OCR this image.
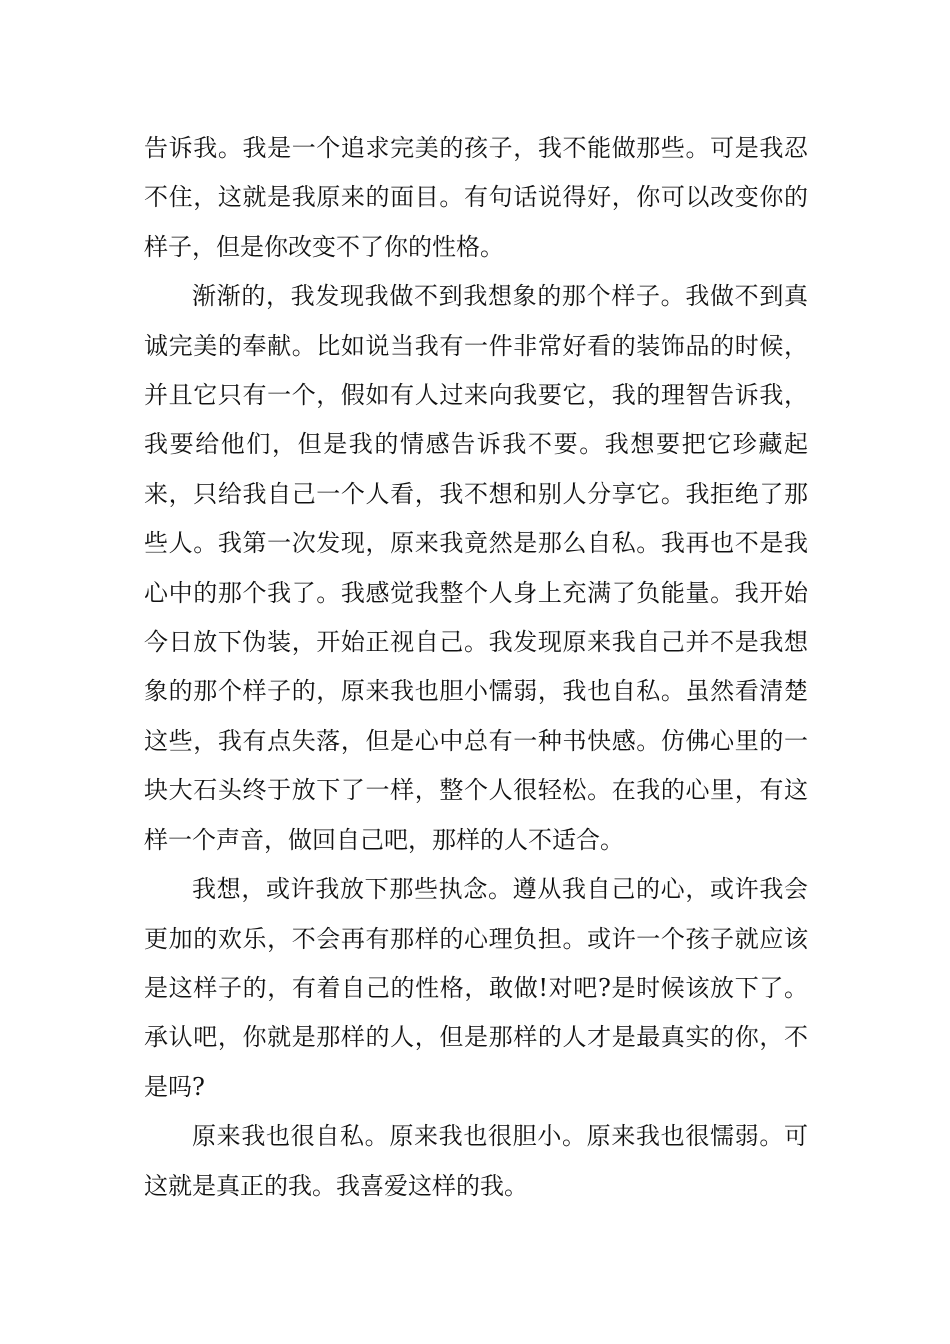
告诉我。我是一个追求完美的孩子，我不能做那些。可是我忍不住，这就是我原来的面目。有句话说得好，你可以改变你的样子，但是你改变不了你的性格。

渐渐的，我发现我做不到我想象的那个样子。我做不到真诚完美的奉献。比如说当我有一件非常好看的装饰品的时候，并且它只有一个，假如有人过来向我要它，我的理智告诉我，我要给他们，但是我的情感告诉我不要。我想要把它珍藏起来，只给我自己一个人看，我不想和别人分享它。我拒绝了那些人。我第一次发现，原来我竟然是那么自私。我再也不是我心中的那个我了。我感觉我整个人身上充满了负能量。我开始今日放下伪装，开始正视自己。我发现原来我自己并不是我想象的那个样子的，原来我也胆小懦弱，我也自私。虽然看清楚这些，我有点失落，但是心中总有一种书快感。仿佛心里的一块大石头终于放下了一样，整个人很轻松。在我的心里，有这样一个声音，做回自己吧，那样的人不适合。

我想，或许我放下那些执念。遵从我自己的心，或许我会更加的欢乐，不会再有那样的心理负担。或许一个孩子就应该是这样子的，有着自己的性格，敢做!对吧?是时候该放下了。承认吧，你就是那样的人，但是那样的人才是最真实的你，不是吗?

原来我也很自私。原来我也很胆小。原来我也很懦弱。可这就是真正的我。我喜爱这样的我。
